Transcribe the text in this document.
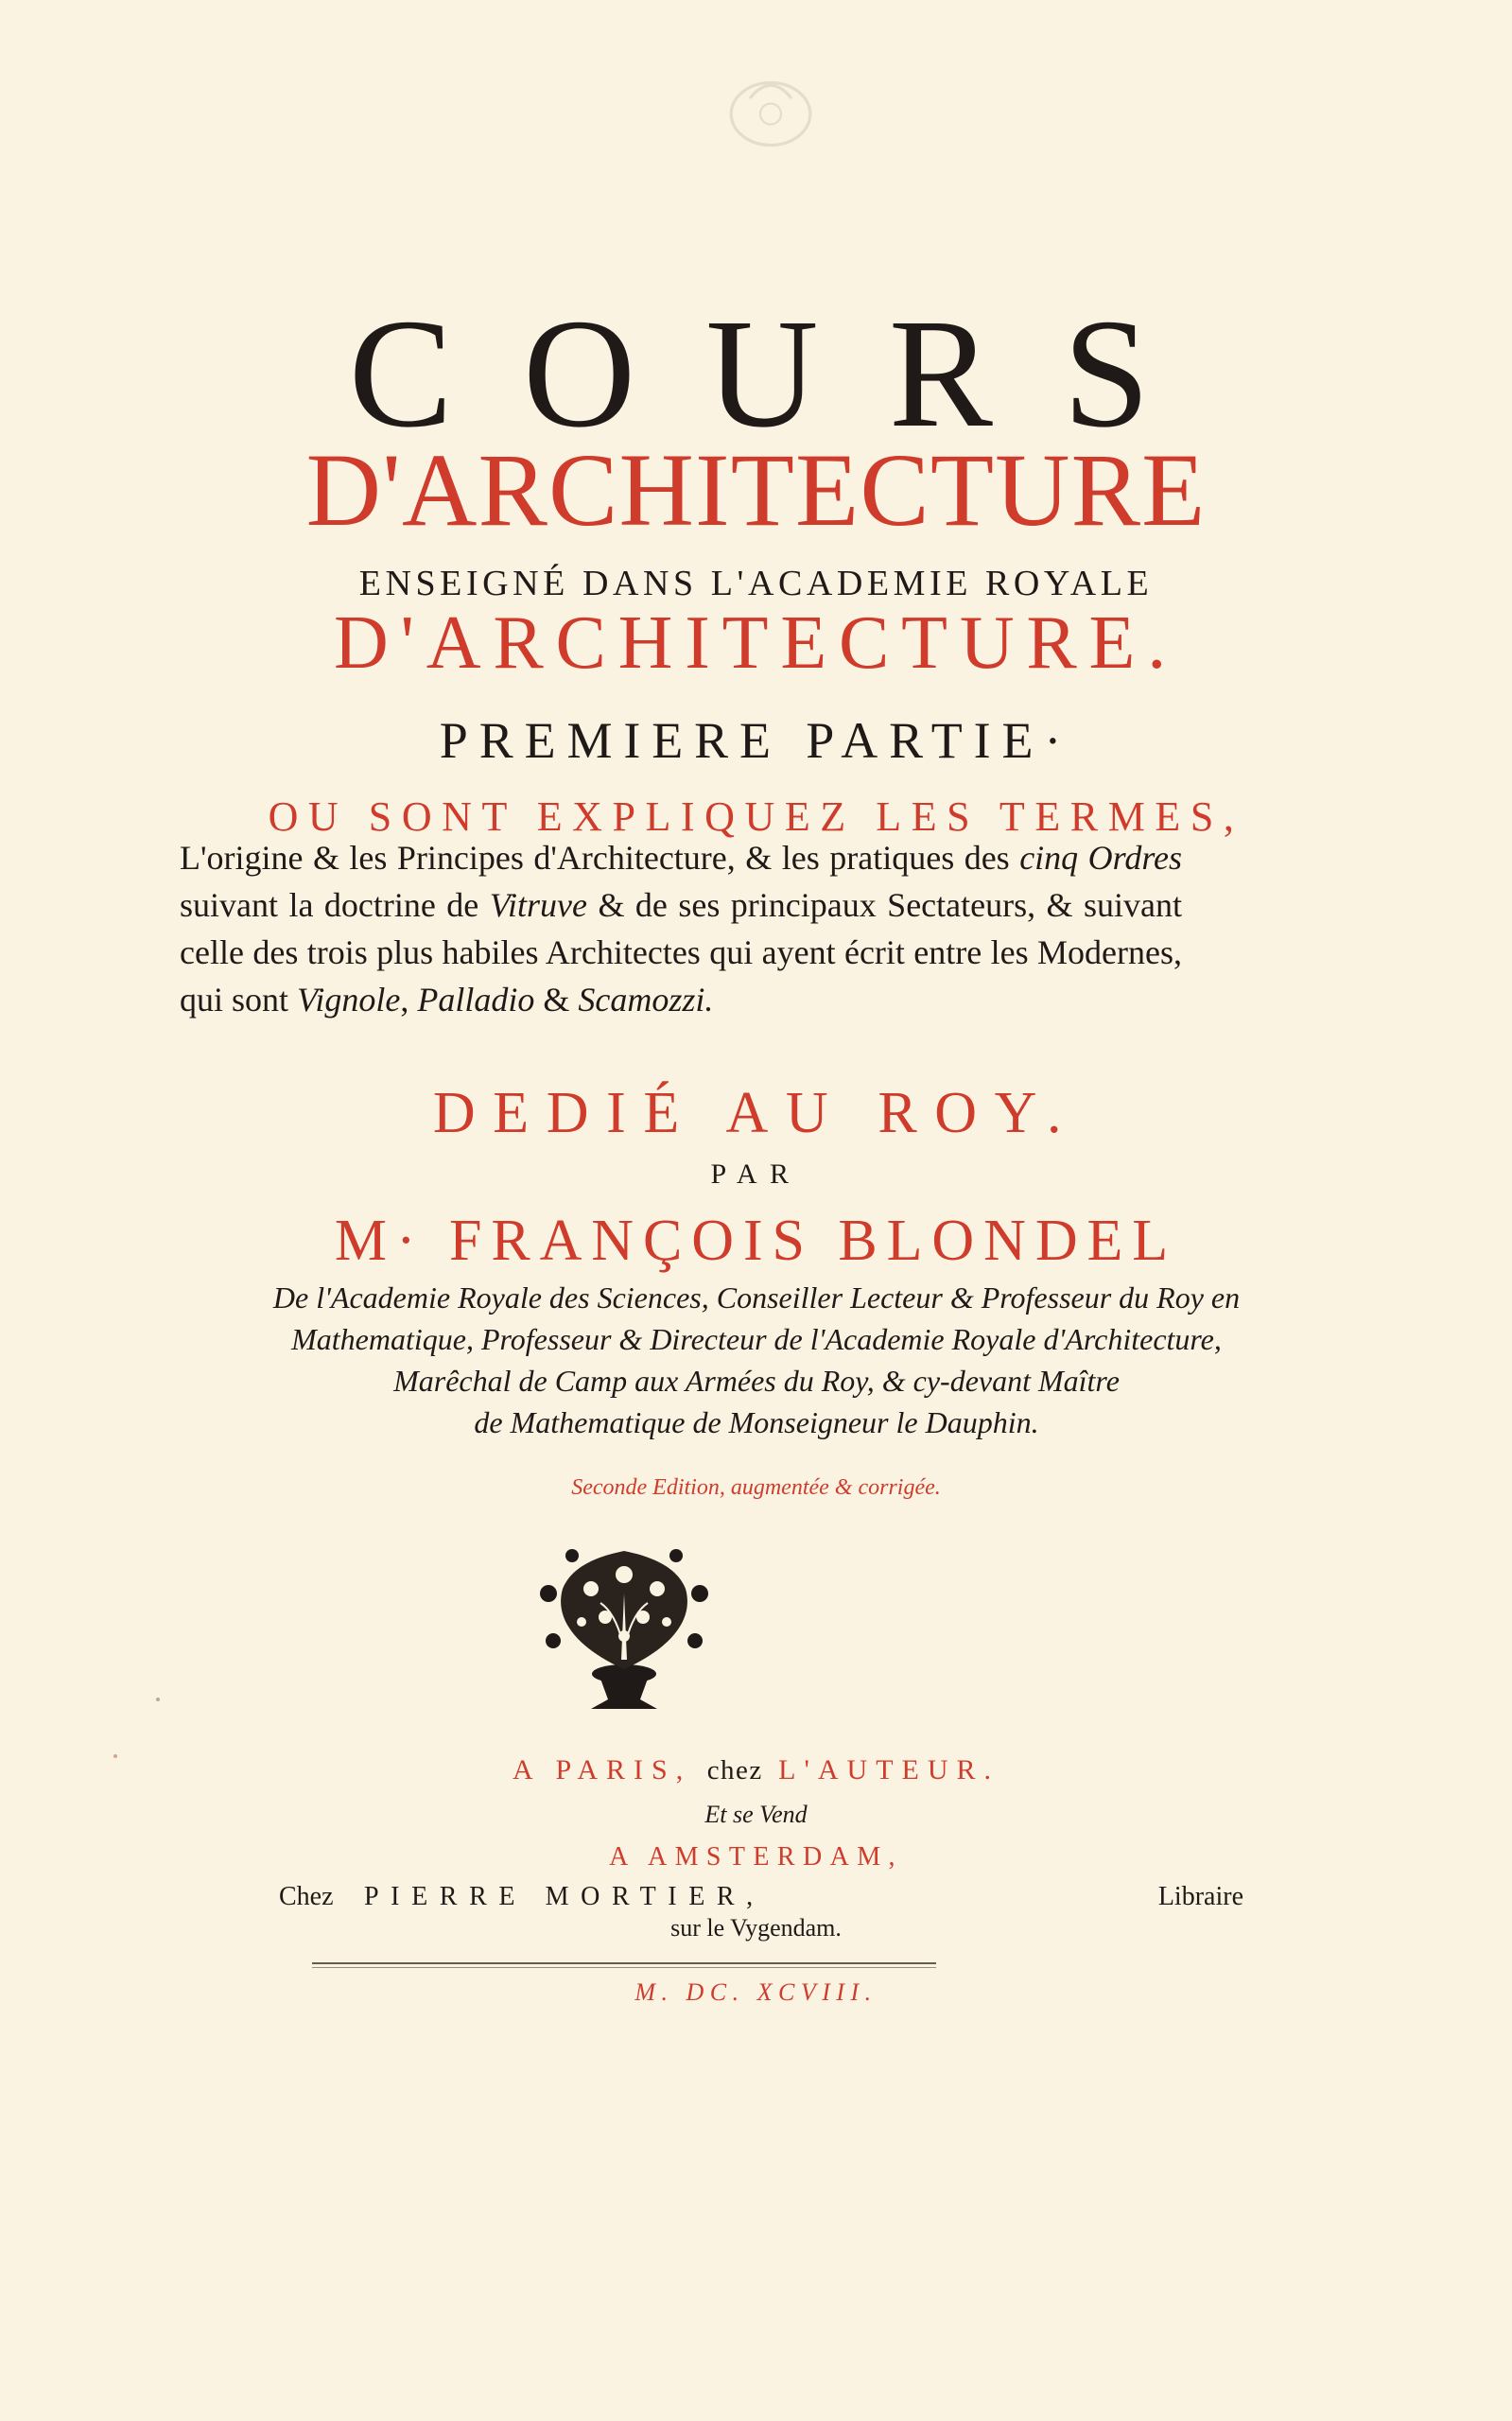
COURS
D'ARCHITECTURE
ENSEIGNÉ DANS L'ACADEMIE ROYALE
D'ARCHITECTURE.
PREMIERE PARTIE·
OU SONT EXPLIQUEZ LES TERMES,
L'origine & les Principes d'Architecture, & les pratiques des cinq Ordres suivant la doctrine de Vitruve & de ses principaux Sectateurs, & suivant celle des trois plus habiles Architectes qui ayent écrit entre les Modernes, qui sont Vignole, Palladio & Scamozzi.
DEDIÉ AU ROY.
PAR
M· FRANÇOIS BLONDEL
De l'Academie Royale des Sciences, Conseiller Lecteur & Professeur du Roy en
Mathematique, Professeur & Directeur de l'Academie Royale d'Architecture,
Marêchal de Camp aux Armées du Roy, & cy-devant Maître
de Mathematique de Monseigneur le Dauphin.
Seconde Edition, augmentée & corrigée.
A PARIS, chez L'AUTEUR.
Et se Vend
A AMSTERDAM,
Chez PIERRE MORTIER,	Libraire
sur le Vygendam.
M. DC. XCVIII.
